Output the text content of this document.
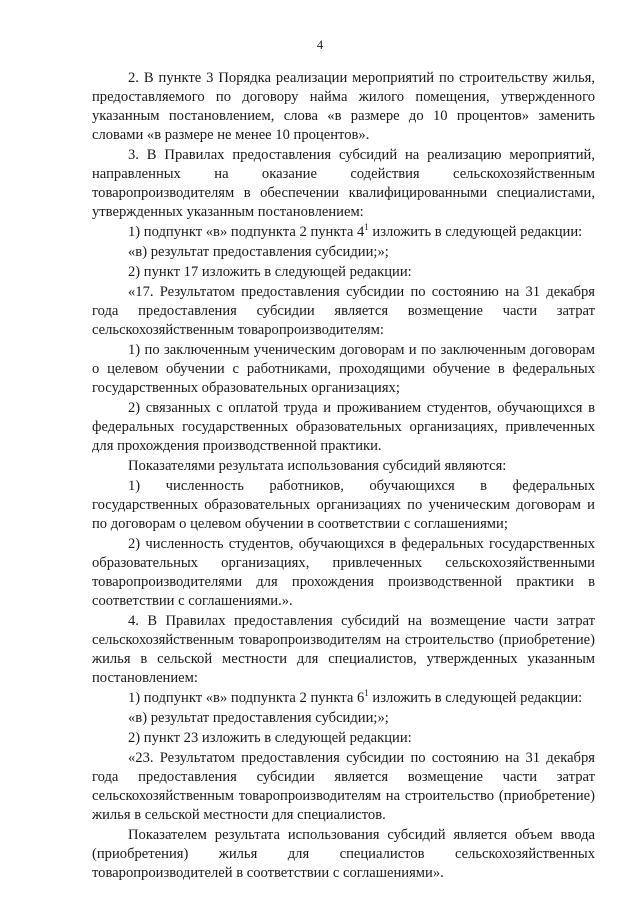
4

2. В пункте 3 Порядка реализации мероприятий по строительству жилья, предоставляемого по договору найма жилого помещения, утвержденного указанным постановлением, слова «в размере до 10 процентов» заменить словами «в размере не менее 10 процентов».

3. В Правилах предоставления субсидий на реализацию мероприятий, направленных на оказание содействия сельскохозяйственным товаропроизводителям в обеспечении квалифицированными специалистами, утвержденных указанным постановлением:

1) подпункт «в» подпункта 2 пункта $4^1$ изложить в следующей редакции:

«в) результат предоставления субсидии;»;

2) пункт 17 изложить в следующей редакции:

«17. Результатом предоставления субсидии по состоянию на 31 декабря года предоставления субсидии является возмещение части затрат сельскохозяйственным товаропроизводителям:

1) по заключенным ученическим договорам и по заключенным договорам о целевом обучении с работниками, проходящими обучение в федеральных государственных образовательных организациях;

2) связанных с оплатой труда и проживанием студентов, обучающихся в федеральных государственных образовательных организациях, привлеченных для прохождения производственной практики.

Показателями результата использования субсидий являются:

1) численность работников, обучающихся в федеральных государственных образовательных организациях по ученическим договорам и по договорам о целевом обучении в соответствии с соглашениями;

2) численность студентов, обучающихся в федеральных государственных образовательных организациях, привлеченных сельскохозяйственными товаропроизводителями для прохождения производственной практики в соответствии с соглашениями.».

4. В Правилах предоставления субсидий на возмещение части затрат сельскохозяйственным товаропроизводителям на строительство (приобретение) жилья в сельской местности для специалистов, утвержденных указанным постановлением:

1) подпункт «в» подпункта 2 пункта $6^1$ изложить в следующей редакции:

«в) результат предоставления субсидии;»;

2) пункт 23 изложить в следующей редакции:

«23. Результатом предоставления субсидии по состоянию на 31 декабря года предоставления субсидии является возмещение части затрат сельскохозяйственным товаропроизводителям на строительство (приобретение) жилья в сельской местности для специалистов.

Показателем результата использования субсидий является объем ввода (приобретения) жилья для специалистов сельскохозяйственных товаропроизводителей в соответствии с соглашениями».
